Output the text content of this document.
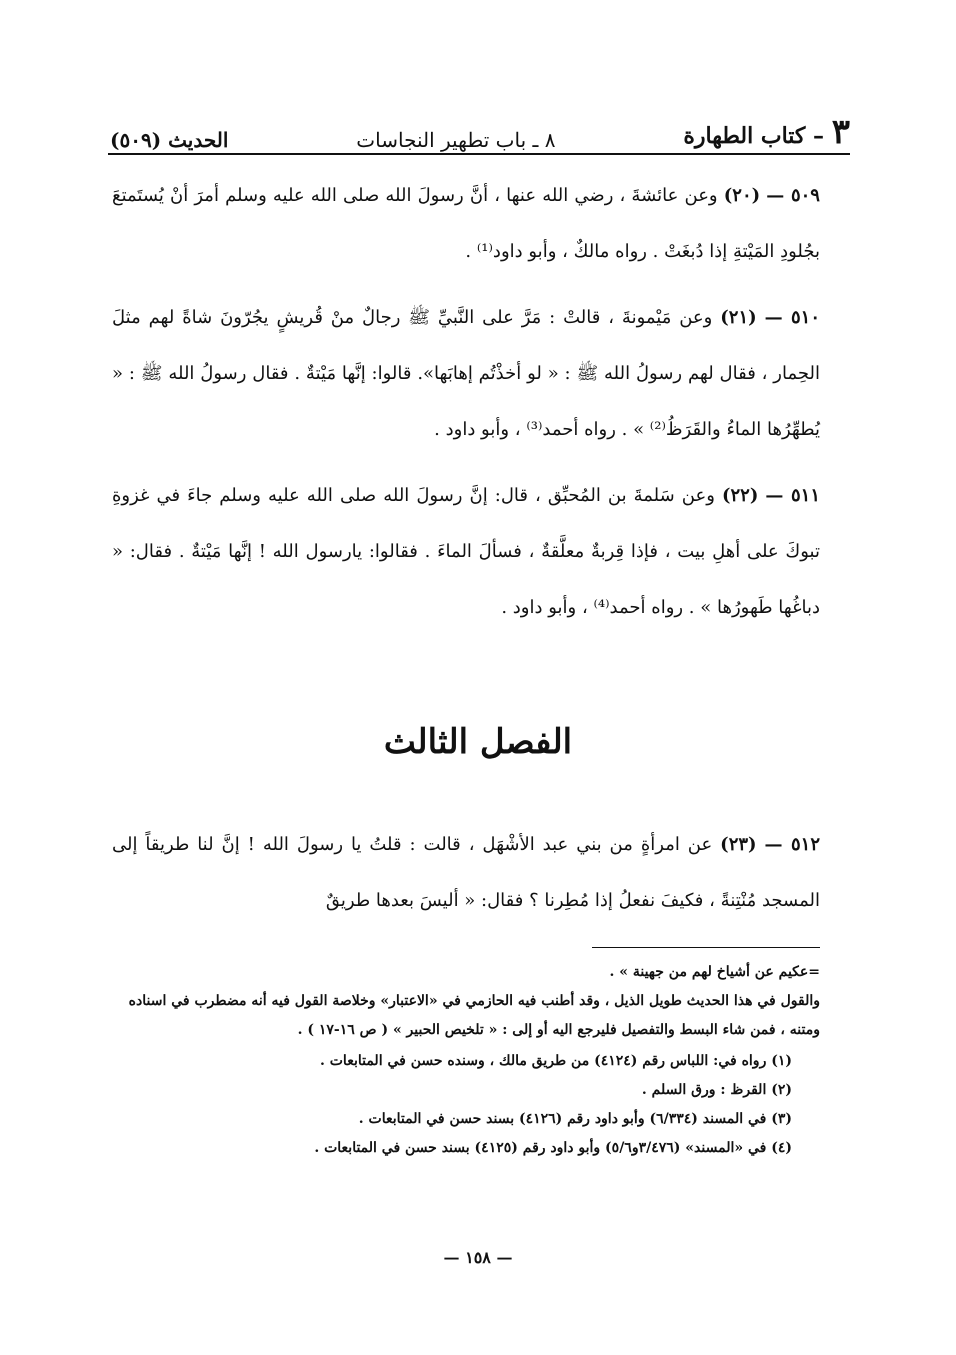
٣ – كتاب الطهارة
٨ ـ باب تطهير النجاسات
الحديث (٥٠٩)

٥٠٩ — (٢٠) وعن عائشةَ ، رضي الله عنها ، أنَّ رسولَ الله صلى الله عليه وسلم أمرَ أنْ يُستَمتعَ بجُلودِ المَيْتةِ إذا دُبغَتْ . رواه مالكٌ ، وأبو داود⁽¹⁾ .

٥١٠ — (٢١) وعن مَيْمونةَ ، قالتْ : مَرَّ على النَّبيِّ ﷺ رجالٌ منْ قُريشٍ يجُرّونَ شاةً لهم مثلَ الحِمار ، فقال لهم رسولُ الله ﷺ : « لو أخذْتُم إهابَها». قالوا: إنَّها مَيْتةٌ . فقال رسولُ الله ﷺ : « يُطهِّرُها الماءُ والقَرَظُ⁽²⁾ » . رواه أحمد⁽³⁾ ، وأبو داود .

٥١١ — (٢٢) وعن سَلمةَ بن المُحبِّق ، قال: إنَّ رسولَ الله صلى الله عليه وسلم جاءَ في غزوةِ تبوكَ على أهلِ بيت ، فإذا قِربةٌ معلَّقةٌ ، فسألَ الماءَ . فقالوا: يارسول الله ! إنَّها مَيْتةٌ . فقال: « دباغُها طَهورُها » . رواه أحمد⁽⁴⁾ ، وأبو داود .

الفصل الثالث

٥١٢ — (٢٣) عن امرأةٍ من بني عبد الأشْهَل ، قالت : قلتُ يا رسولَ الله ! إنَّ لنا طريقاً إلى المسجد مُنْتِنةً ، فكيفَ نفعلُ إذا مُطِرنا ؟ فقال: « أليسَ بعدها طريقٌ

=عكيم عن أشياخ لهم من جهينة » .

والقول في هذا الحديث طويل الذيل ، وقد أطنب فيه الحازمي في «الاعتبار» وخلاصة القول فيه أنه مضطرب في اسناده ومتنه ، فمن شاء البسط والتفصيل فليرجع اليه أو إلى : « تلخيص الحبير » ( ص ١٦-١٧ ) .

(١) رواه في: اللباس رقم (٤١٢٤) من طريق مالك ، وسنده حسن في المتابعات .
(٢) القرظ : ورق السلم .
(٣) في المسند (٦/٣٣٤) وأبو داود رقم (٤١٢٦) بسند حسن في المتابعات .
(٤) في «المسند» (٣/٤٧٦و٥/٦) وأبو داود رقم (٤١٢٥) بسند حسن في المتابعات .

— ١٥٨ —
